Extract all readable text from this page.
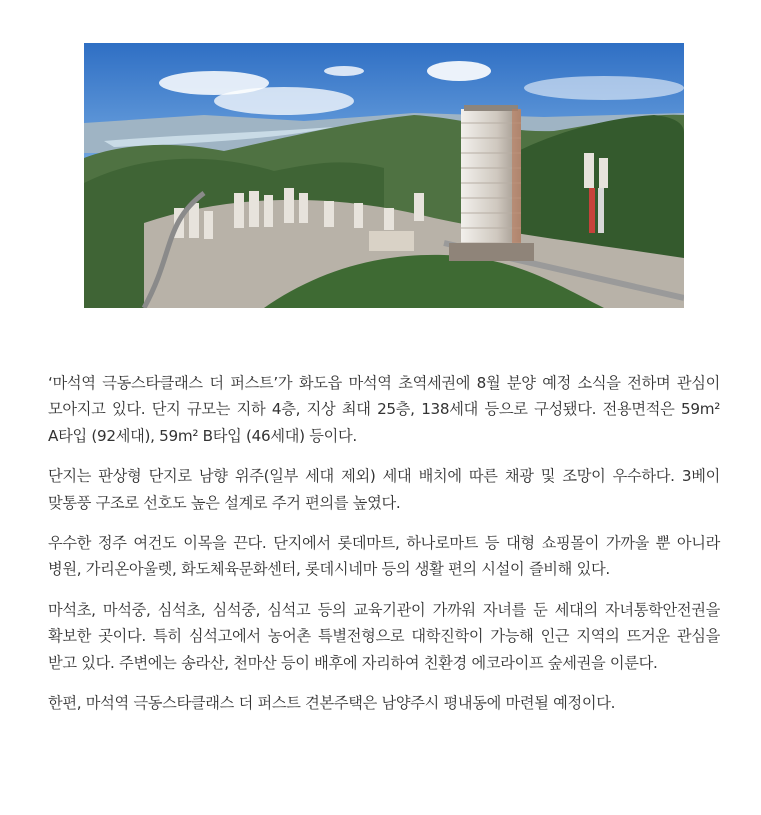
‘마석역 극동스타클래스 더 퍼스트’가 화도읍 마석역 초역세권에 8월 분양 예정 소식을 전하며 관심이 모아지고 있다. 단지 규모는 지하 4층, 지상 최대 25층, 138세대 등으로 구성됐다. 전용면적은 59m² A타입 (92세대), 59m² B타입 (46세대) 등이다.

단지는 판상형 단지로 남향 위주(일부 세대 제외) 세대 배치에 따른 채광 및 조망이 우수하다. 3베이 맞통풍 구조로 선호도 높은 설계로 주거 편의를 높였다.

우수한 정주 여건도 이목을 끈다. 단지에서 롯데마트, 하나로마트 등 대형 쇼핑몰이 가까울 뿐 아니라 병원, 가리온아울렛, 화도체육문화센터, 롯데시네마 등의 생활 편의 시설이 즐비해 있다.

마석초, 마석중, 심석초, 심석중, 심석고 등의 교육기관이 가까워 자녀를 둔 세대의 자녀통학안전권을 확보한 곳이다. 특히 심석고에서 농어촌 특별전형으로 대학진학이 가능해 인근 지역의 뜨거운 관심을 받고 있다. 주변에는 송라산, 천마산 등이 배후에 자리하여 친환경 에코라이프 숲세권을 이룬다.

한편, 마석역 극동스타클래스 더 퍼스트 견본주택은 남양주시 평내동에 마련될 예정이다.
